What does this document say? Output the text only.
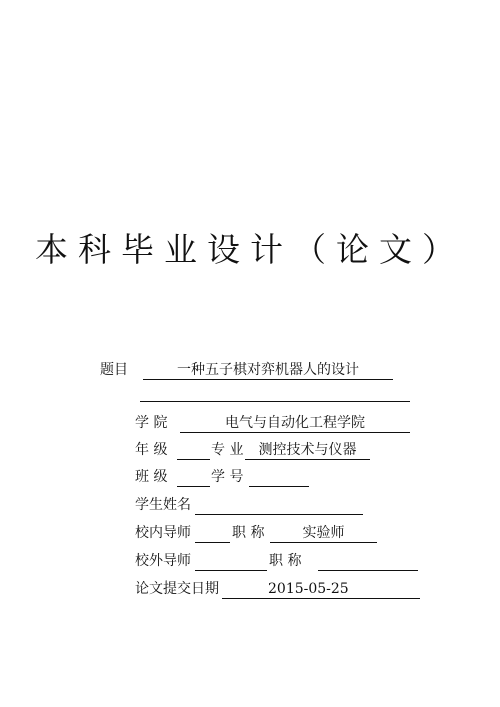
本科毕业设计（论文）
题目	一种五子棋对弈机器人的设计
学 院	电气与自动化工程学院
年 级	专 业	测控技术与仪器
班 级	学 号
学生姓名
校内导师	职 称	实验师
校外导师	职 称
论文提交日期	2015-05-25
